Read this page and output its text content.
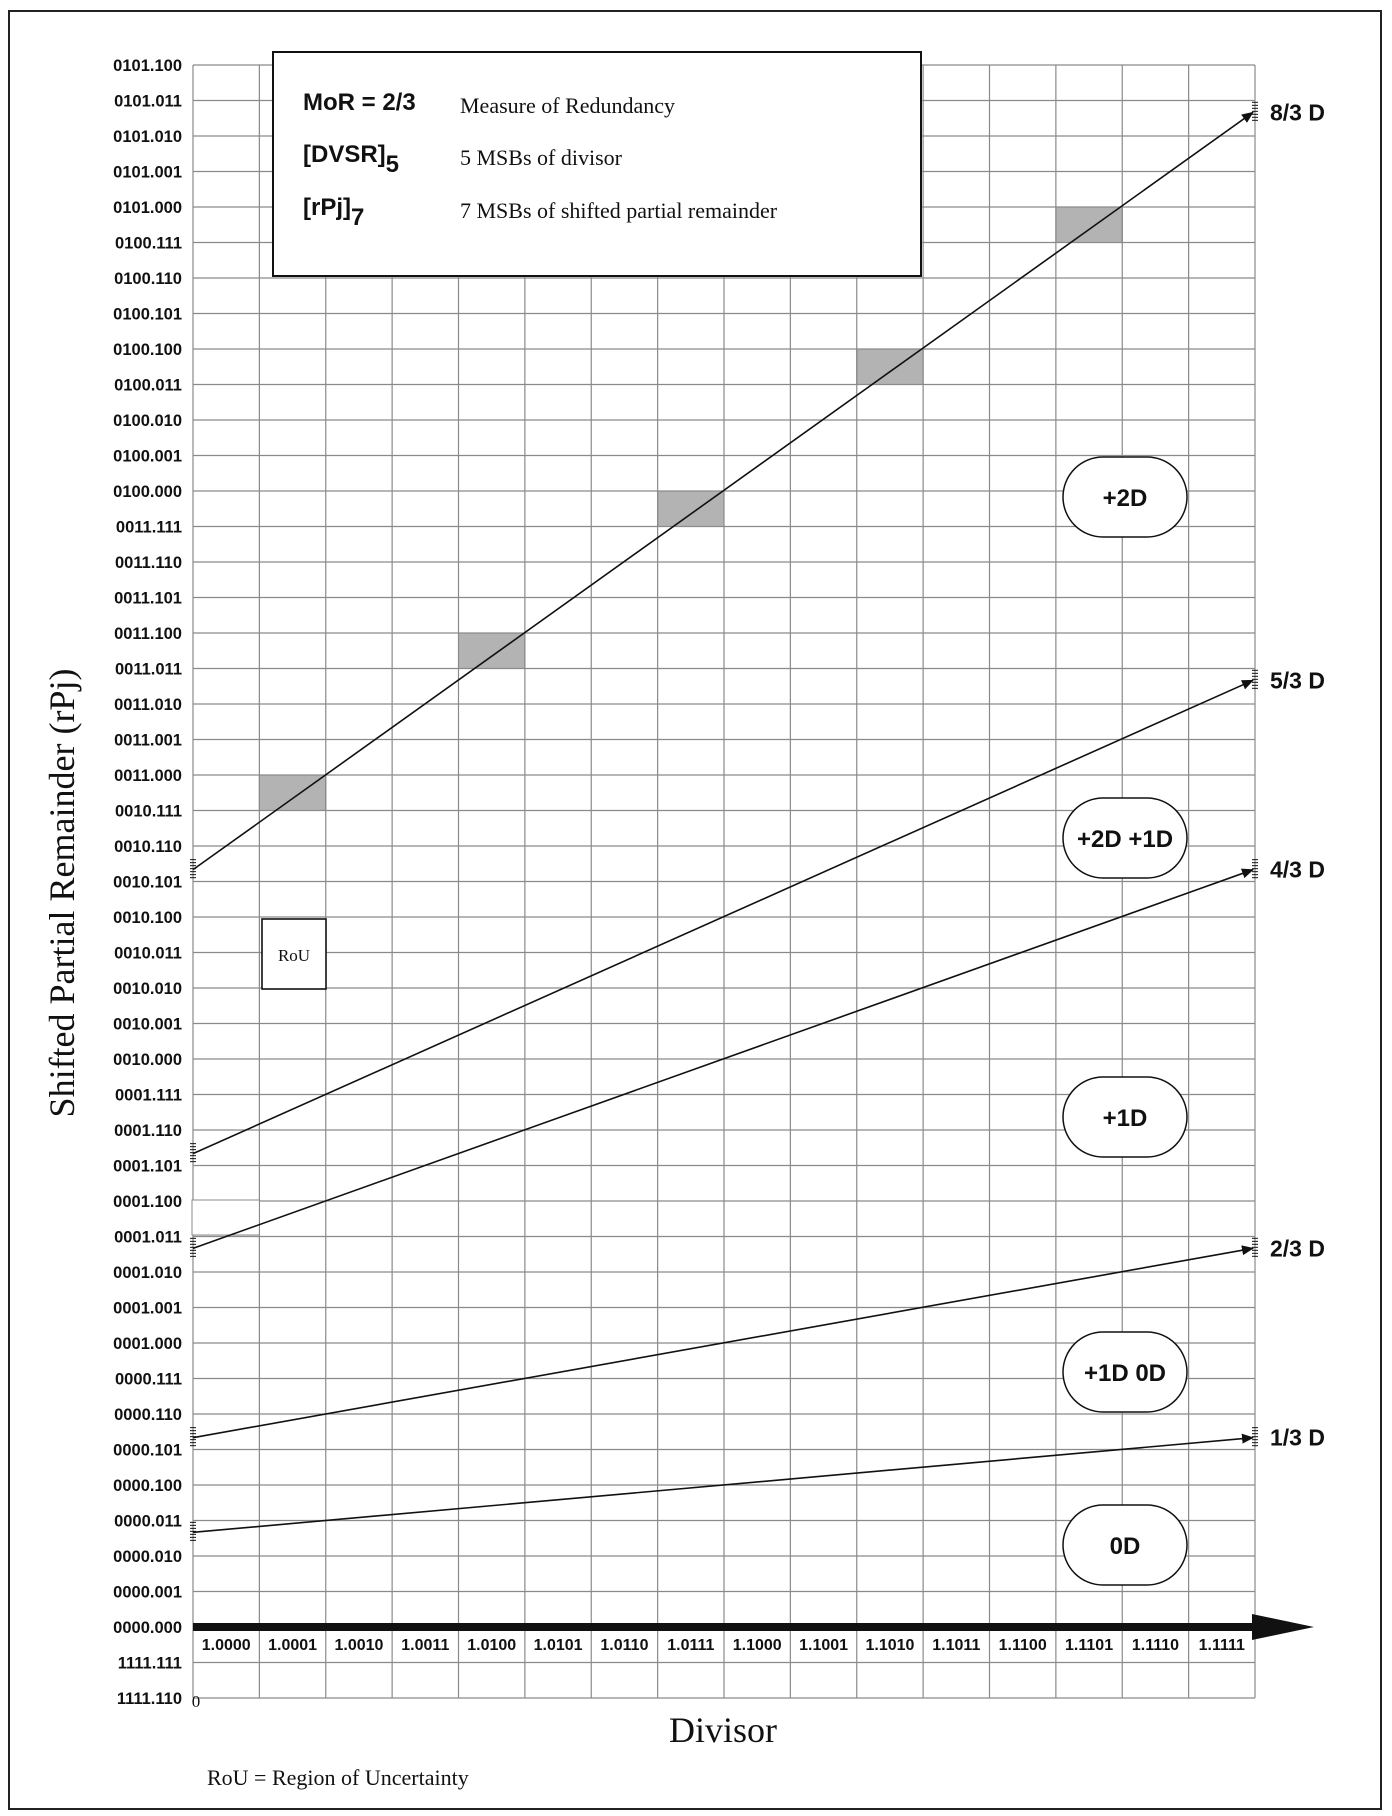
1111.110
1111.111
0000.000
0000.001
0000.010
0000.011
0000.100
0000.101
0000.110
0000.111
0001.000
0001.001
0001.010
0001.011
0001.100
0001.101
0001.110
0001.111
0010.000
0010.001
0010.010
0010.011
0010.100
0010.101
0010.110
0010.111
0011.000
0011.001
0011.010
0011.011
0011.100
0011.101
0011.110
0011.111
0100.000
0100.001
0100.010
0100.011
0100.100
0100.101
0100.110
0100.111
0101.000
0101.001
0101.010
0101.011
0101.100
1.0000 1.0001 1.0010 1.0011 1.0100 1.0101 1.0110 1.0111 1.1000 1.1001 1.1010 1.1011 1.1100 1.1101 1.1110 1.1111
MoR = 2/3 Measure of Redundancy
[DVSR]5	5 MSBs of divisor
[rPj]7	7 MSBs of shifted partial remainder
RoU
+2D
+2D +1D
+1D
+1D 0D
0D
0
8/3 D
5/3 D
4/3 D
2/3 D
1/3 D
Divisor
Shifted Partial Remainder (rPj)
RoU = Region of Uncertainty
